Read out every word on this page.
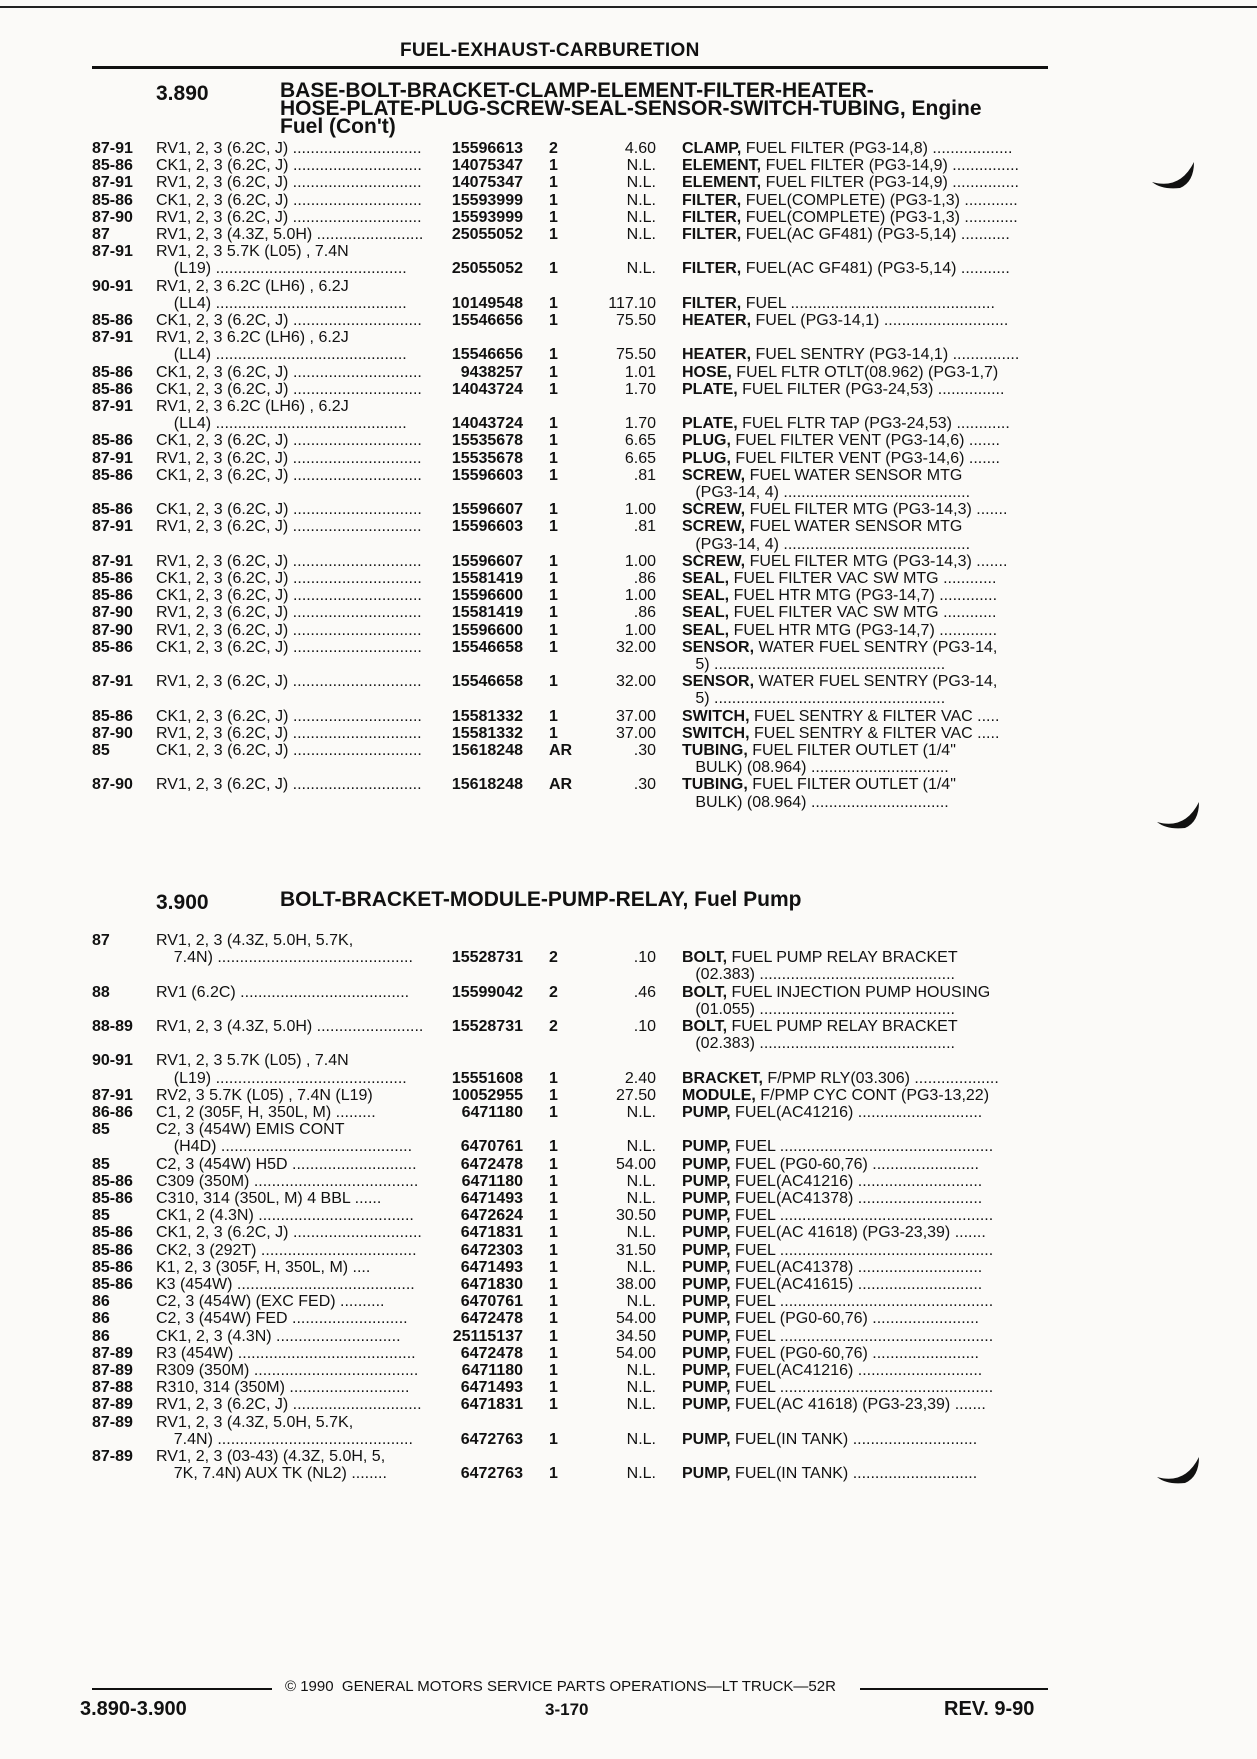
FUEL-EXHAUST-CARBURETION
3.890	BASE-BOLT-BRACKET-CLAMP-ELEMENT-FILTER-HEATER-
HOSE-PLATE-PLUG-SCREW-SEAL-SENSOR-SWITCH-TUBING, Engine
Fuel (Con't)
3.900	BOLT-BRACKET-MODULE-PUMP-RELAY, Fuel Pump
87-91 RV1, 2, 3 (6.2C, J) .............................	15596613 2	4.60 CLAMP, FUEL FILTER (PG3-14,8) ..................
85-86 CK1, 2, 3 (6.2C, J) .............................	14075347 1	N.L. ELEMENT, FUEL FILTER (PG3-14,9) ...............
87-91 RV1, 2, 3 (6.2C, J) .............................	14075347 1	N.L. ELEMENT, FUEL FILTER (PG3-14,9) ...............
85-86 CK1, 2, 3 (6.2C, J) .............................	15593999 1	N.L. FILTER, FUEL(COMPLETE) (PG3-1,3) ............
87-90 RV1, 2, 3 (6.2C, J) .............................	15593999 1	N.L. FILTER, FUEL(COMPLETE) (PG3-1,3) ............
87	RV1, 2, 3 (4.3Z, 5.0H) ........................	25055052 1	N.L. FILTER, FUEL(AC GF481) (PG3-5,14) ...........
87-91 RV1, 2, 3 5.7K (L05) , 7.4N
(L19) ...........................................	25055052 1	N.L. FILTER, FUEL(AC GF481) (PG3-5,14) ...........
90-91 RV1, 2, 3 6.2C (LH6) , 6.2J
(LL4) ...........................................	10149548 1	117.10 FILTER, FUEL ..............................................
85-86 CK1, 2, 3 (6.2C, J) .............................	15546656 1	75.50 HEATER, FUEL (PG3-14,1) ............................
87-91 RV1, 2, 3 6.2C (LH6) , 6.2J
(LL4) ...........................................	15546656 1	75.50 HEATER, FUEL SENTRY (PG3-14,1) ...............
85-86 CK1, 2, 3 (6.2C, J) .............................	9438257 1	1.01 HOSE, FUEL FLTR OTLT(08.962) (PG3-1,7)
85-86 CK1, 2, 3 (6.2C, J) .............................	14043724 1	1.70 PLATE, FUEL FILTER (PG3-24,53) ...............
87-91 RV1, 2, 3 6.2C (LH6) , 6.2J
(LL4) ...........................................	14043724 1	1.70 PLATE, FUEL FLTR TAP (PG3-24,53) ............
85-86 CK1, 2, 3 (6.2C, J) .............................	15535678 1	6.65 PLUG, FUEL FILTER VENT (PG3-14,6) .......
87-91 RV1, 2, 3 (6.2C, J) .............................	15535678 1	6.65 PLUG, FUEL FILTER VENT (PG3-14,6) .......
85-86 CK1, 2, 3 (6.2C, J) .............................	15596603 1	.81 SCREW, FUEL WATER SENSOR MTG
(PG3-14, 4) ..........................................
85-86 CK1, 2, 3 (6.2C, J) .............................	15596607 1	1.00 SCREW, FUEL FILTER MTG (PG3-14,3) .......
87-91 RV1, 2, 3 (6.2C, J) .............................	15596603 1	.81 SCREW, FUEL WATER SENSOR MTG
(PG3-14, 4) ..........................................
87-91 RV1, 2, 3 (6.2C, J) .............................	15596607 1	1.00 SCREW, FUEL FILTER MTG (PG3-14,3) .......
85-86 CK1, 2, 3 (6.2C, J) .............................	15581419 1	.86 SEAL, FUEL FILTER VAC SW MTG ............
85-86 CK1, 2, 3 (6.2C, J) .............................	15596600 1	1.00 SEAL, FUEL HTR MTG (PG3-14,7) .............
87-90 RV1, 2, 3 (6.2C, J) .............................	15581419 1	.86 SEAL, FUEL FILTER VAC SW MTG ............
87-90 RV1, 2, 3 (6.2C, J) .............................	15596600 1	1.00 SEAL, FUEL HTR MTG (PG3-14,7) .............
85-86 CK1, 2, 3 (6.2C, J) .............................	15546658 1	32.00 SENSOR, WATER FUEL SENTRY (PG3-14,
5) ....................................................
87-91 RV1, 2, 3 (6.2C, J) .............................	15546658 1	32.00 SENSOR, WATER FUEL SENTRY (PG3-14,
5) ....................................................
85-86 CK1, 2, 3 (6.2C, J) .............................	15581332 1	37.00 SWITCH, FUEL SENTRY & FILTER VAC .....
87-90 RV1, 2, 3 (6.2C, J) .............................	15581332 1	37.00 SWITCH, FUEL SENTRY & FILTER VAC .....
85	CK1, 2, 3 (6.2C, J) .............................	15618248 AR	.30 TUBING, FUEL FILTER OUTLET (1/4"
BULK) (08.964) ...............................
87-90 RV1, 2, 3 (6.2C, J) .............................	15618248 AR	.30 TUBING, FUEL FILTER OUTLET (1/4"
BULK) (08.964) ...............................
87	RV1, 2, 3 (4.3Z, 5.0H, 5.7K,
7.4N) ............................................	15528731 2	.10 BOLT, FUEL PUMP RELAY BRACKET
(02.383) ............................................
88	RV1 (6.2C) ......................................	15599042 2	.46 BOLT, FUEL INJECTION PUMP HOUSING
(01.055) ............................................
88-89 RV1, 2, 3 (4.3Z, 5.0H) ........................	15528731 2	.10 BOLT, FUEL PUMP RELAY BRACKET
(02.383) ............................................
90-91 RV1, 2, 3 5.7K (L05) , 7.4N
(L19) ...........................................	15551608 1	2.40 BRACKET, F/PMP RLY(03.306) ...................
87-91 RV2, 3 5.7K (L05) , 7.4N (L19)	10052955 1	27.50 MODULE, F/PMP CYC CONT (PG3-13,22)
86-86 C1, 2 (305F, H, 350L, M) .........	6471180 1	N.L. PUMP, FUEL(AC41216) ............................
85	C2, 3 (454W) EMIS CONT
(H4D) ...........................................	6470761 1	N.L. PUMP, FUEL ................................................
85	C2, 3 (454W) H5D ............................	6472478 1	54.00 PUMP, FUEL (PG0-60,76) ........................
85-86 C309 (350M) .....................................	6471180 1	N.L. PUMP, FUEL(AC41216) ............................
85-86 C310, 314 (350L, M) 4 BBL ......	6471493 1	N.L. PUMP, FUEL(AC41378) ............................
85	CK1, 2 (4.3N) ...................................	6472624 1	30.50 PUMP, FUEL ................................................
85-86 CK1, 2, 3 (6.2C, J) .............................	6471831 1	N.L. PUMP, FUEL(AC 41618) (PG3-23,39) .......
85-86 CK2, 3 (292T) ...................................	6472303 1	31.50 PUMP, FUEL ................................................
85-86 K1, 2, 3 (305F, H, 350L, M) ....	6471493 1	N.L. PUMP, FUEL(AC41378) ............................
85-86 K3 (454W) ........................................	6471830 1	38.00 PUMP, FUEL(AC41615) ............................
86	C2, 3 (454W) (EXC FED) ..........	6470761 1	N.L. PUMP, FUEL ................................................
86	C2, 3 (454W) FED ..........................	6472478 1	54.00 PUMP, FUEL (PG0-60,76) ........................
86	CK1, 2, 3 (4.3N) ............................	25115137 1	34.50 PUMP, FUEL ................................................
87-89 R3 (454W) ........................................	6472478 1	54.00 PUMP, FUEL (PG0-60,76) ........................
87-89 R309 (350M) .....................................	6471180 1	N.L. PUMP, FUEL(AC41216) ............................
87-88 R310, 314 (350M) ...........................	6471493 1	N.L. PUMP, FUEL ................................................
87-89 RV1, 2, 3 (6.2C, J) .............................	6471831 1	N.L. PUMP, FUEL(AC 41618) (PG3-23,39) .......
87-89 RV1, 2, 3 (4.3Z, 5.0H, 5.7K,
7.4N) ............................................	6472763 1	N.L. PUMP, FUEL(IN TANK) ............................
87-89 RV1, 2, 3 (03-43) (4.3Z, 5.0H, 5,
7K, 7.4N) AUX TK (NL2) ........	6472763 1	N.L. PUMP, FUEL(IN TANK) ............................
© 1990  GENERAL MOTORS SERVICE PARTS OPERATIONS—LT TRUCK—52R
3.890-3.900	3-170	REV. 9-90
